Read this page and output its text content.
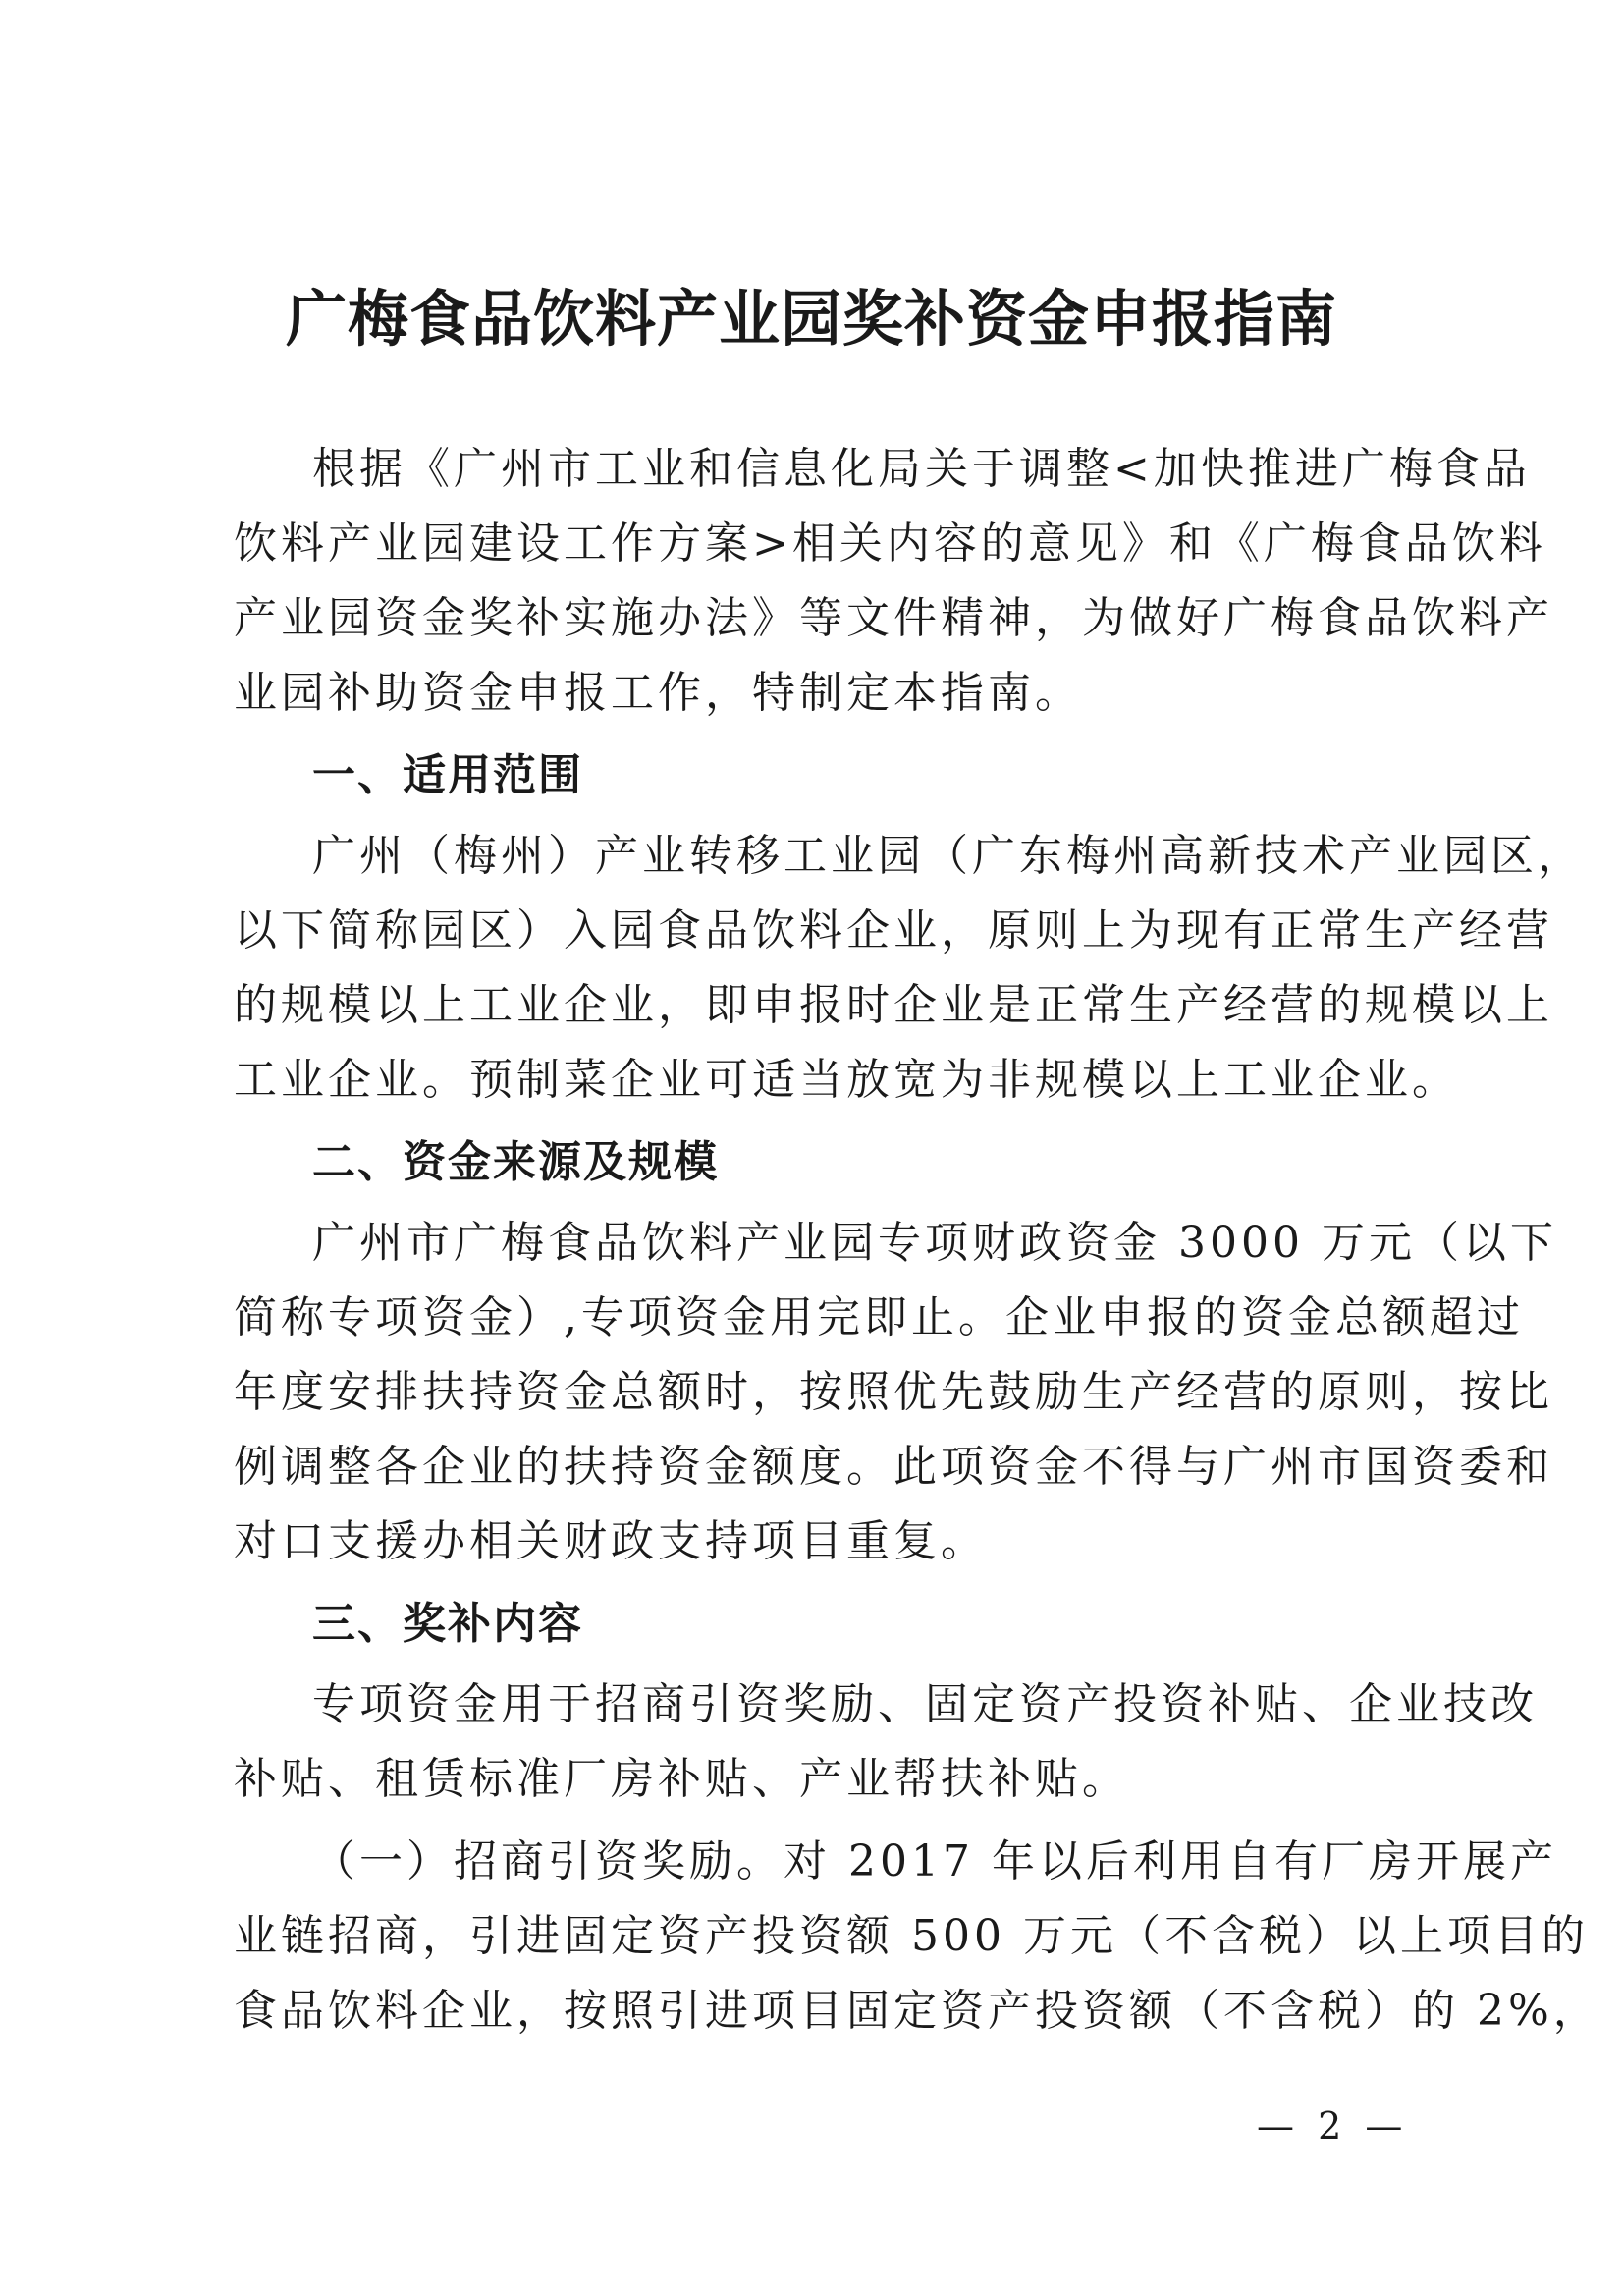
广梅食品饮料产业园奖补资金申报指南
根据《广州市工业和信息化局关于调整<加快推进广梅食品
饮料产业园建设工作方案>相关内容的意见》和《广梅食品饮料
产业园资金奖补实施办法》等文件精神，为做好广梅食品饮料产
业园补助资金申报工作，特制定本指南。
一、适用范围
广州（梅州）产业转移工业园（广东梅州高新技术产业园区，
以下简称园区）入园食品饮料企业，原则上为现有正常生产经营
的规模以上工业企业，即申报时企业是正常生产经营的规模以上
工业企业。预制菜企业可适当放宽为非规模以上工业企业。
二、资金来源及规模
广州市广梅食品饮料产业园专项财政资金 3000 万元（以下
简称专项资金）,专项资金用完即止。企业申报的资金总额超过
年度安排扶持资金总额时，按照优先鼓励生产经营的原则，按比
例调整各企业的扶持资金额度。此项资金不得与广州市国资委和
对口支援办相关财政支持项目重复。
三、奖补内容
专项资金用于招商引资奖励、固定资产投资补贴、企业技改
补贴、租赁标准厂房补贴、产业帮扶补贴。
（一）招商引资奖励。对 2017 年以后利用自有厂房开展产
业链招商，引进固定资产投资额 500 万元（不含税）以上项目的
食品饮料企业，按照引进项目固定资产投资额（不含税）的 2%，
— 2 —
